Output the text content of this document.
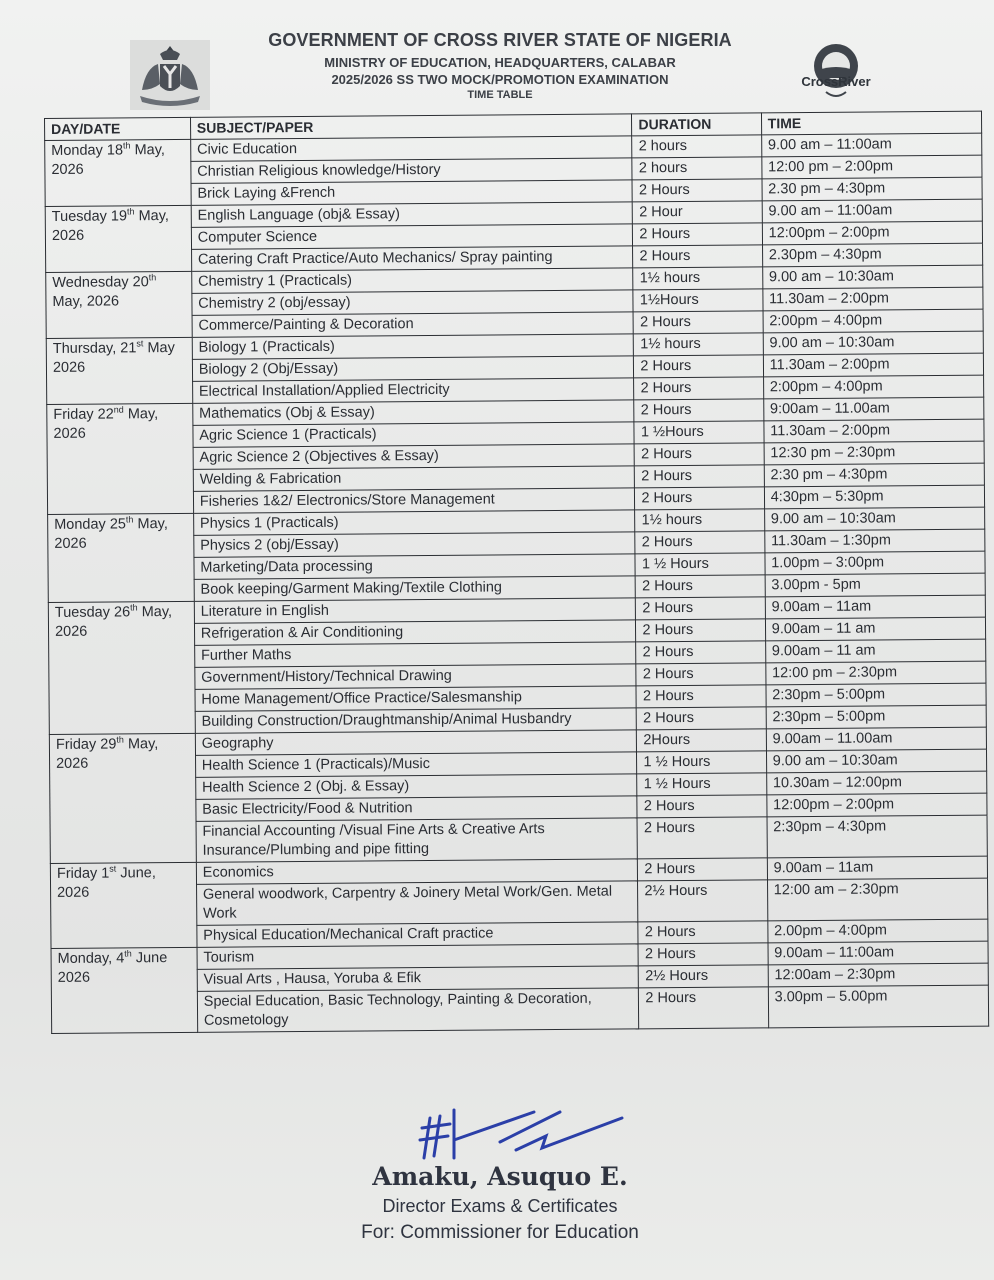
GOVERNMENT OF CROSS RIVER STATE OF NIGERIA
MINISTRY OF EDUCATION, HEADQUARTERS, CALABAR
2025/2026 SS TWO MOCK/PROMOTION EXAMINATION
TIME TABLE
CrossRiver
DAY/DATE	SUBJECT/PAPER	DURATION	TIME
Monday 18th May, 2026	Civic Education	2 hours	9.00 am – 11:00am
	Christian Religious knowledge/History	2 hours	12:00 pm – 2:00pm
	Brick Laying &French	2 Hours	2.30 pm – 4:30pm
Tuesday 19th May, 2026	English Language (obj& Essay)	2 Hour	9.00 am – 11:00am
	Computer Science	2 Hours	12:00pm – 2:00pm
	Catering Craft Practice/Auto Mechanics/ Spray painting	2 Hours	2.30pm – 4:30pm
Wednesday 20th May, 2026	Chemistry 1 (Practicals)	1½ hours	9.00 am – 10:30am
	Chemistry 2 (obj/essay)	1½Hours	11.30am – 2:00pm
	Commerce/Painting & Decoration	2 Hours	2:00pm – 4:00pm
Thursday, 21st May 2026	Biology 1 (Practicals)	1½ hours	9.00 am – 10:30am
	Biology 2 (Obj/Essay)	2 Hours	11.30am – 2:00pm
	Electrical Installation/Applied Electricity	2 Hours	2:00pm – 4:00pm
Friday 22nd May, 2026	Mathematics (Obj & Essay)	2 Hours	9:00am – 11.00am
	Agric Science 1 (Practicals)	1 ½Hours	11.30am – 2:00pm
	Agric Science 2 (Objectives & Essay)	2 Hours	12:30 pm – 2:30pm
	Welding & Fabrication	2 Hours	2:30 pm – 4:30pm
	Fisheries 1&2/ Electronics/Store Management	2 Hours	4:30pm – 5:30pm
Monday 25th May, 2026	Physics 1 (Practicals)	1½ hours	9.00 am – 10:30am
	Physics 2 (obj/Essay)	2 Hours	11.30am – 1:30pm
	Marketing/Data processing	1 ½ Hours	1.00pm – 3:00pm
	Book keeping/Garment Making/Textile Clothing	2 Hours	3.00pm - 5pm
Tuesday 26th May, 2026	Literature in English	2 Hours	9.00am – 11am
	Refrigeration & Air Conditioning	2 Hours	9.00am – 11 am
	Further Maths	2 Hours	9.00am – 11 am
	Government/History/Technical Drawing	2 Hours	12:00 pm – 2:30pm
	Home Management/Office Practice/Salesmanship	2 Hours	2:30pm – 5:00pm
	Building Construction/Draughtmanship/Animal Husbandry	2 Hours	2:30pm – 5:00pm
Friday 29th May, 2026	Geography	2Hours	9.00am – 11.00am
	Health Science 1 (Practicals)/Music	1 ½ Hours	9.00 am – 10:30am
	Health Science 2 (Obj. & Essay)	1 ½ Hours	10.30am – 12:00pm
	Basic Electricity/Food & Nutrition	2 Hours	12:00pm – 2:00pm
	Financial Accounting /Visual Fine Arts & Creative Arts Insurance/Plumbing and pipe fitting	2 Hours	2:30pm – 4:30pm
Friday 1st June, 2026	Economics	2 Hours	9.00am – 11am
	General woodwork, Carpentry & Joinery Metal Work/Gen. Metal Work	2½ Hours	12:00 am – 2:30pm
	Physical Education/Mechanical Craft practice	2 Hours	2.00pm – 4:00pm
Monday, 4th June 2026	Tourism	2 Hours	9.00am – 11:00am
	Visual Arts , Hausa, Yoruba & Efik	2½ Hours	12:00am – 2:30pm
	Special Education, Basic Technology, Painting & Decoration, Cosmetology	2 Hours	3.00pm – 5.00pm
Amaku, Asuquo E.
Director Exams & Certificates
For: Commissioner for Education
